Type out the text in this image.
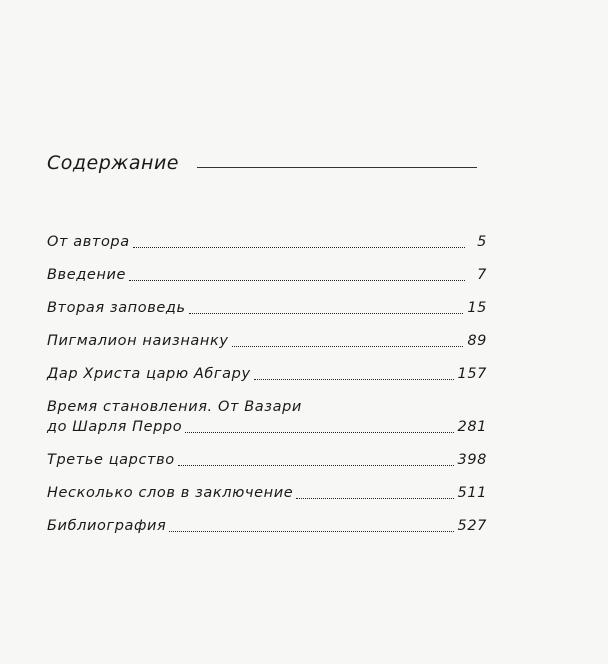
Содержание
От автора	5
Введение	7
Вторая заповедь	15
Пигмалион наизнанку	89
Дар Христа царю Абгару	157
Время становления. От Вазари
до Шарля Перро	281
Третье царство	398
Несколько слов в заключение	511
Библиография	527
